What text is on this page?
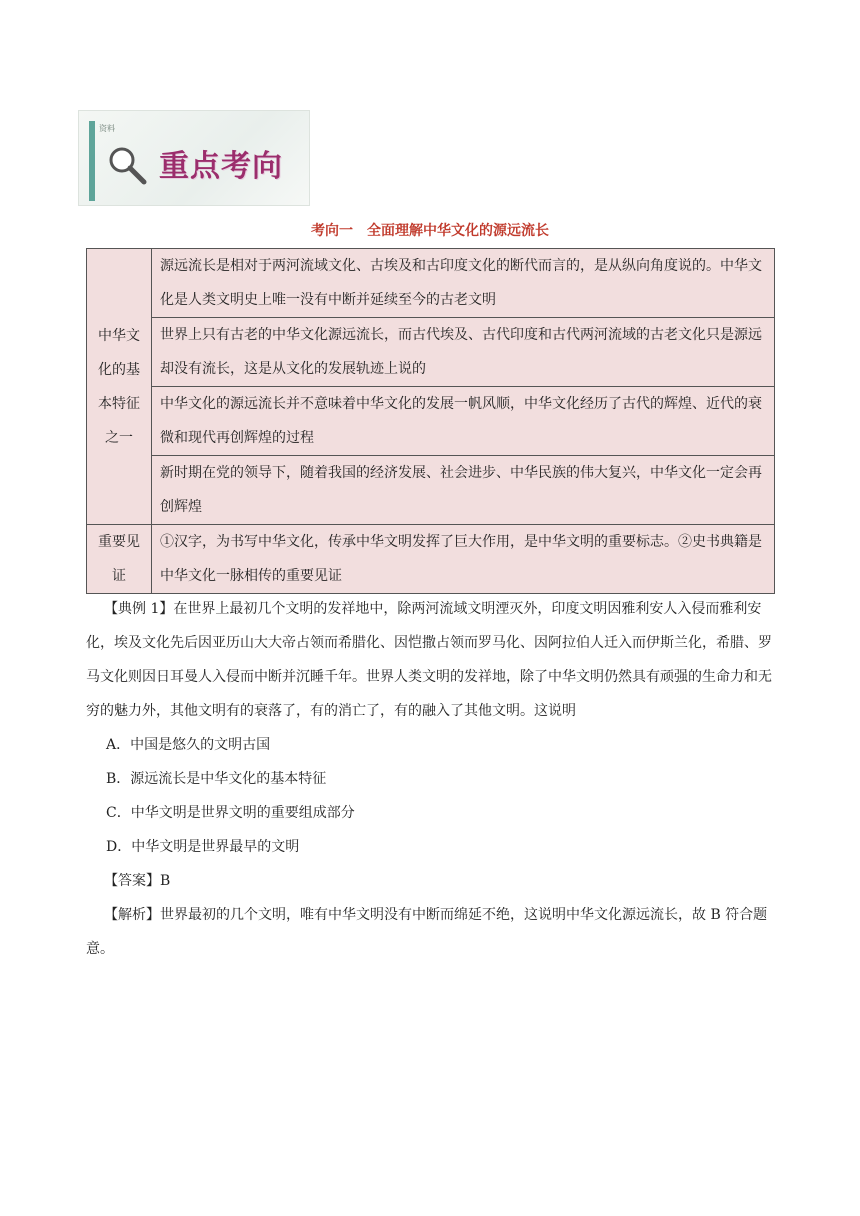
资料
重点考向
考向一　全面理解中华文化的源远流长
中华文化的基本特征之一	源远流长是相对于两河流域文化、古埃及和古印度文化的断代而言的，是从纵向角度说的。中华文化是人类文明史上唯一没有中断并延续至今的古老文明
	世界上只有古老的中华文化源远流长，而古代埃及、古代印度和古代两河流域的古老文化只是源远却没有流长，这是从文化的发展轨迹上说的
	中华文化的源远流长并不意味着中华文化的发展一帆风顺，中华文化经历了古代的辉煌、近代的衰微和现代再创辉煌的过程
	新时期在党的领导下，随着我国的经济发展、社会进步、中华民族的伟大复兴，中华文化一定会再创辉煌
重要见证	①汉字，为书写中华文化，传承中华文明发挥了巨大作用，是中华文明的重要标志。②史书典籍是中华文化一脉相传的重要见证
【典例 1】在世界上最初几个文明的发祥地中，除两河流域文明湮灭外，印度文明因雅利安人入侵而雅利安化，埃及文化先后因亚历山大大帝占领而希腊化、因恺撒占领而罗马化、因阿拉伯人迁入而伊斯兰化，希腊、罗马文化则因日耳曼人入侵而中断并沉睡千年。世界人类文明的发祥地，除了中华文明仍然具有顽强的生命力和无穷的魅力外，其他文明有的衰落了，有的消亡了，有的融入了其他文明。这说明
A．中国是悠久的文明古国
B．源远流长是中华文化的基本特征
C．中华文明是世界文明的重要组成部分
D．中华文明是世界最早的文明
【答案】B
【解析】世界最初的几个文明，唯有中华文明没有中断而绵延不绝，这说明中华文化源远流长，故 B 符合题意。
